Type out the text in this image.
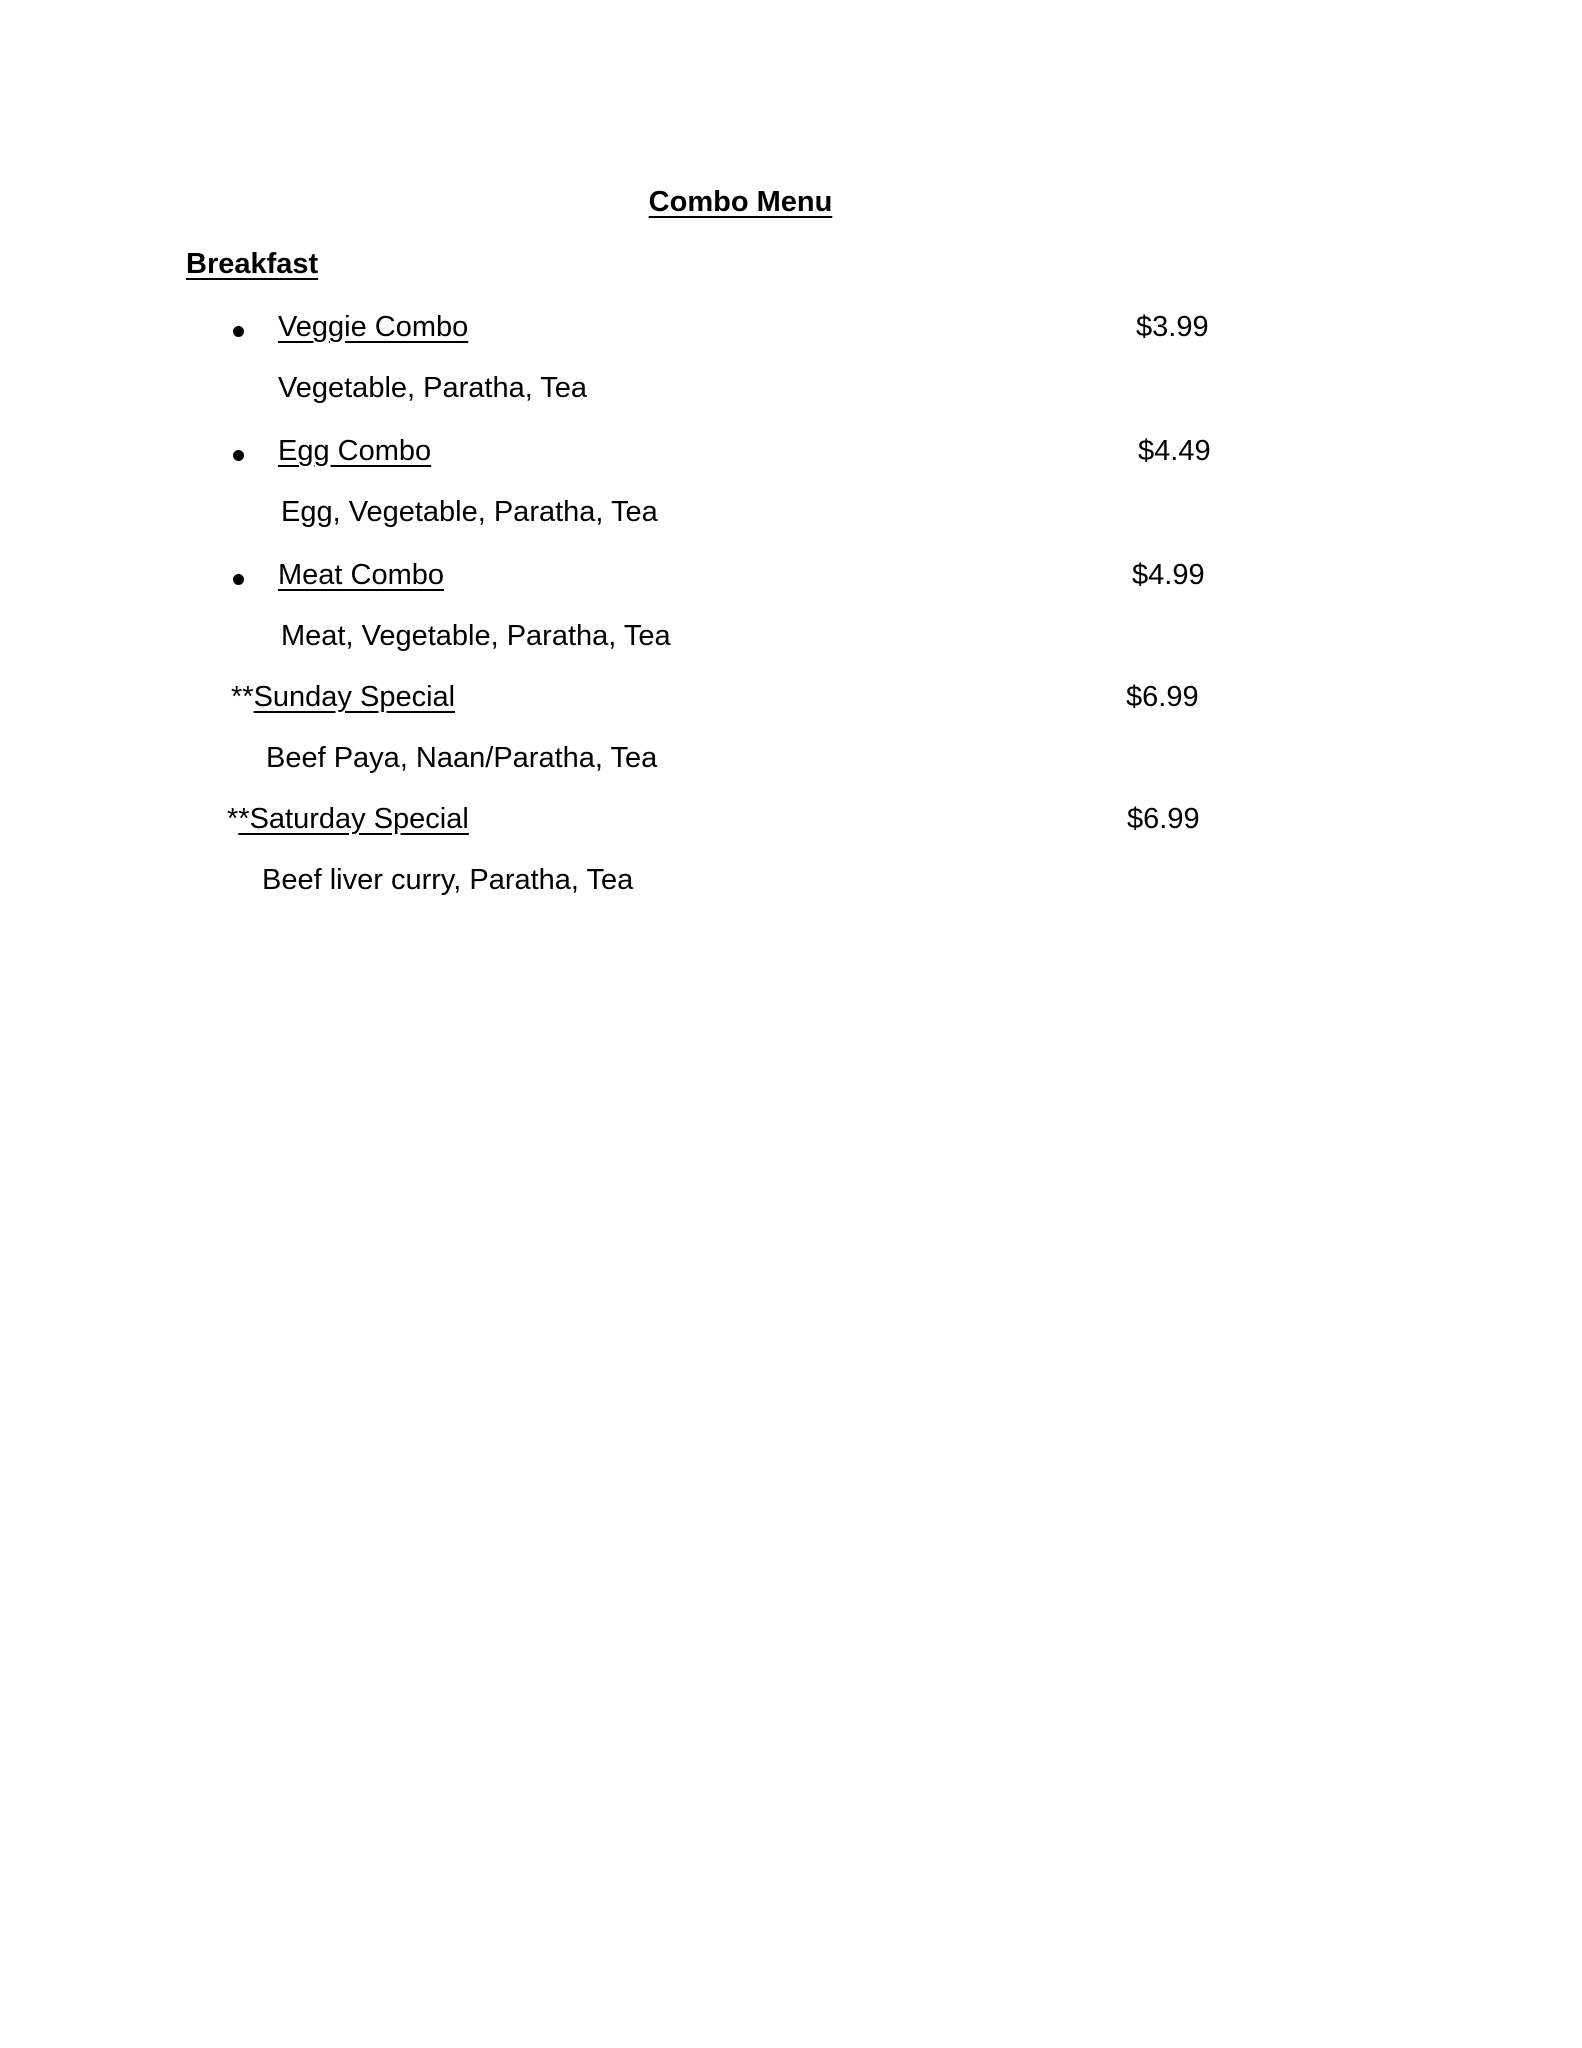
Combo Menu
Breakfast
Veggie Combo	$3.99
Vegetable, Paratha, Tea
Egg Combo	$4.49
Egg, Vegetable, Paratha, Tea
Meat Combo	$4.99
Meat, Vegetable, Paratha, Tea
**Sunday Special	$6.99
Beef Paya, Naan/Paratha, Tea
**Saturday Special	$6.99
Beef liver curry, Paratha, Tea
